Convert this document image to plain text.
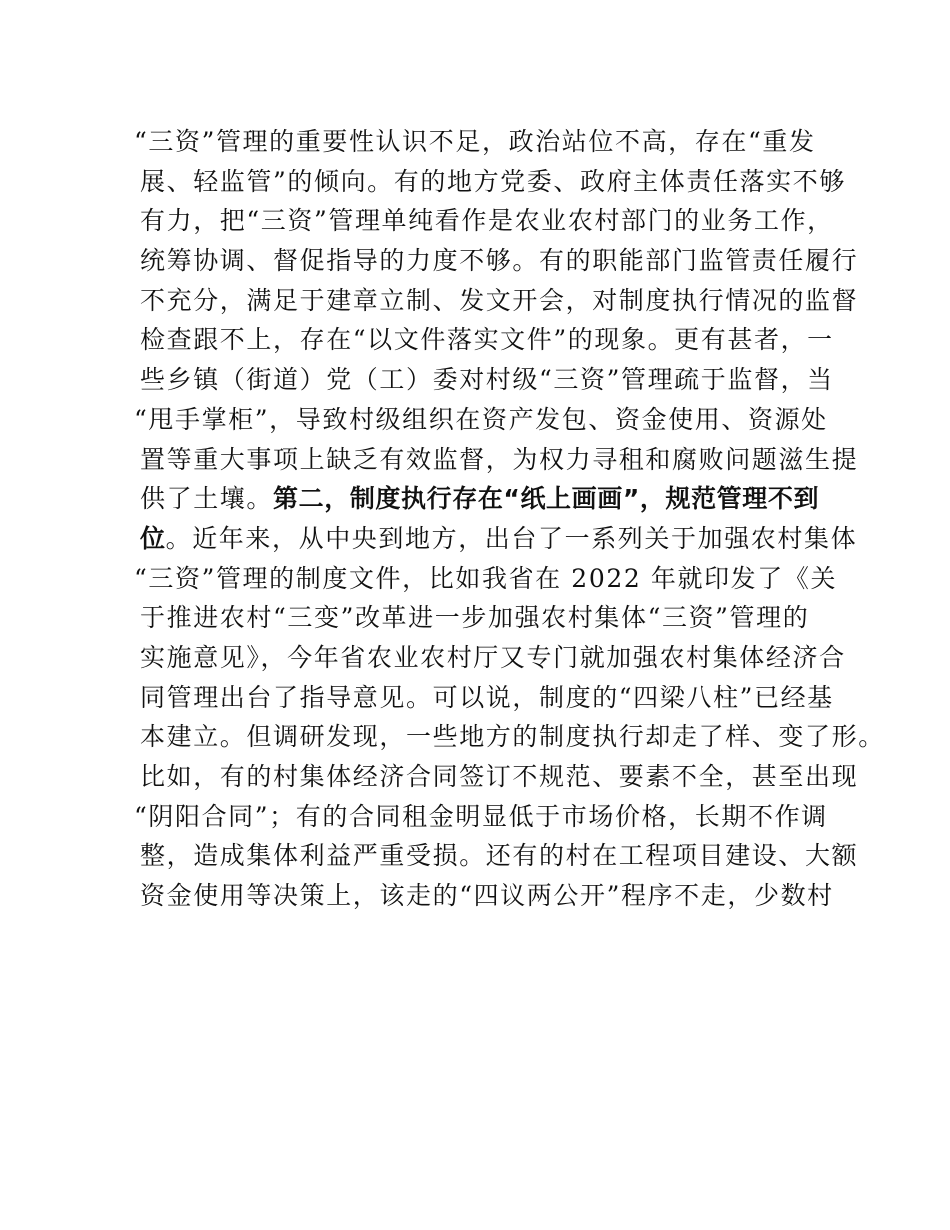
“三资”管理的重要性认识不足，政治站位不高，存在“重发
展、轻监管”的倾向。有的地方党委、政府主体责任落实不够
有力，把“三资”管理单纯看作是农业农村部门的业务工作，
统筹协调、督促指导的力度不够。有的职能部门监管责任履行
不充分，满足于建章立制、发文开会，对制度执行情况的监督
检查跟不上，存在“以文件落实文件”的现象。更有甚者，一
些乡镇（街道）党（工）委对村级“三资”管理疏于监督，当
“甩手掌柜”，导致村级组织在资产发包、资金使用、资源处
置等重大事项上缺乏有效监督，为权力寻租和腐败问题滋生提
供了土壤。第二，制度执行存在“纸上画画”，规范管理不到
位。近年来，从中央到地方，出台了一系列关于加强农村集体
“三资”管理的制度文件，比如我省在 2022 年就印发了《关
于推进农村“三变”改革进一步加强农村集体“三资”管理的
实施意见》，今年省农业农村厅又专门就加强农村集体经济合
同管理出台了指导意见。可以说，制度的“四梁八柱”已经基
本建立。但调研发现，一些地方的制度执行却走了样、变了形。
比如，有的村集体经济合同签订不规范、要素不全，甚至出现
“阴阳合同”；有的合同租金明显低于市场价格，长期不作调
整，造成集体利益严重受损。还有的村在工程项目建设、大额
资金使用等决策上，该走的“四议两公开”程序不走，少数村
